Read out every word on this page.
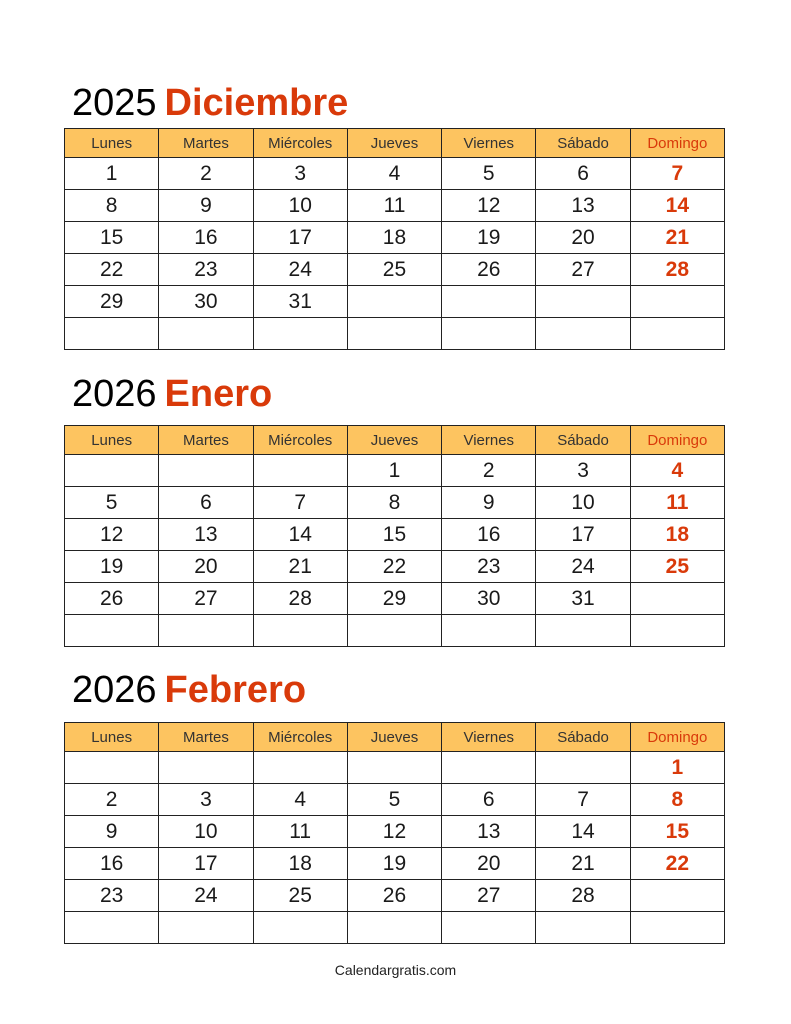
2025 Diciembre
Lunes	Martes	Miércoles	Jueves	Viernes	Sábado	Domingo
1	2	3	4	5	6	7
8	9	10	11	12	13	14
15	16	17	18	19	20	21
22	23	24	25	26	27	28
29	30	31				

2026 Enero
Lunes	Martes	Miércoles	Jueves	Viernes	Sábado	Domingo
			1	2	3	4
5	6	7	8	9	10	11
12	13	14	15	16	17	18
19	20	21	22	23	24	25
26	27	28	29	30	31	

2026 Febrero
Lunes	Martes	Miércoles	Jueves	Viernes	Sábado	Domingo
						1
2	3	4	5	6	7	8
9	10	11	12	13	14	15
16	17	18	19	20	21	22
23	24	25	26	27	28	

Calendargratis.com
